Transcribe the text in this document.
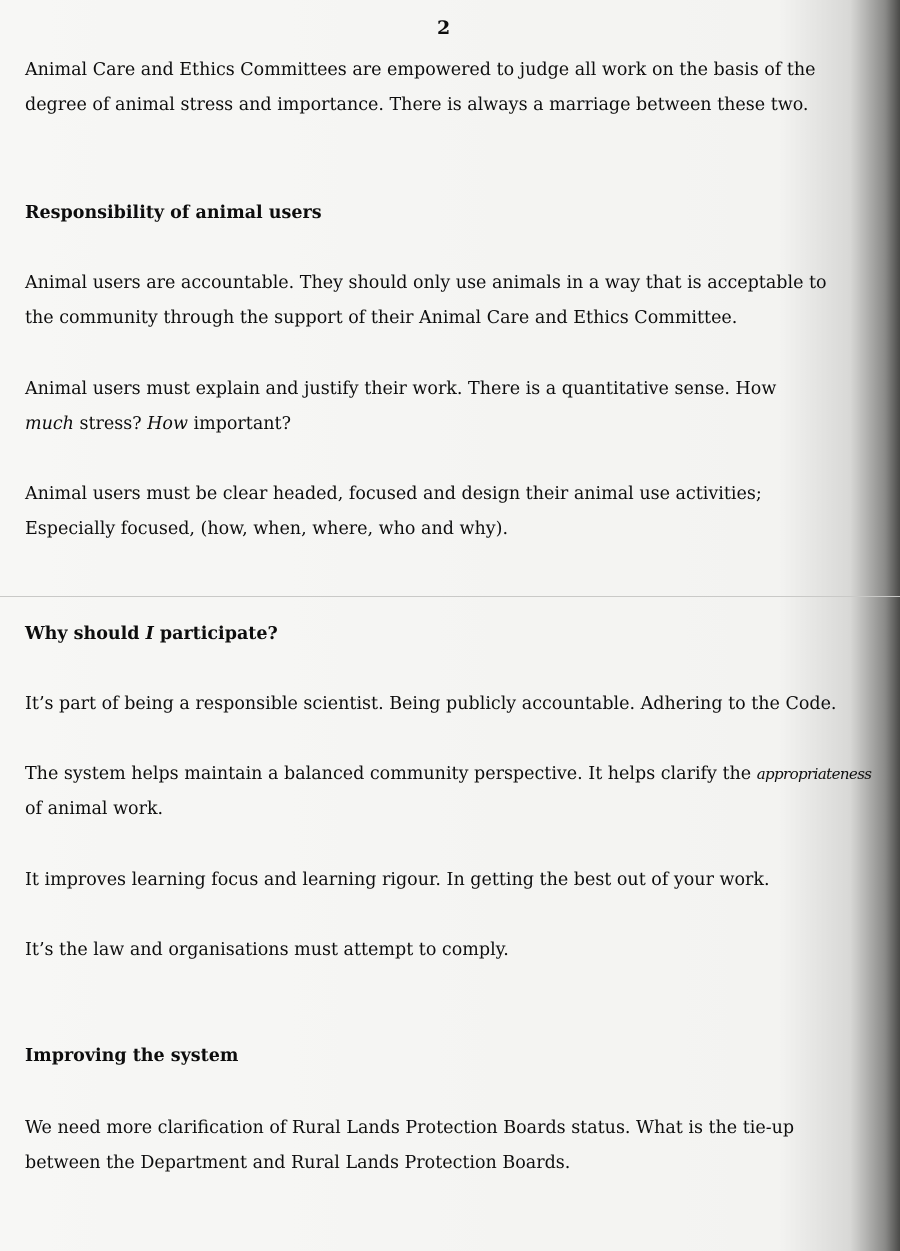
2
Animal Care and Ethics Committees are empowered to judge all work on the basis of the
degree of animal stress and importance. There is always a marriage between these two.
Responsibility of animal users
Animal users are accountable. They should only use animals in a way that is acceptable to
the community through the support of their Animal Care and Ethics Committee.
Animal users must explain and justify their work. There is a quantitative sense. How
much stress? How important?
Animal users must be clear headed, focused and design their animal use activities;
Especially focused, (how, when, where, who and why).
Why should I participate?
It’s part of being a responsible scientist. Being publicly accountable. Adhering to the Code.
The system helps maintain a balanced community perspective. It helps clarify the appropriateness
of animal work.
It improves learning focus and learning rigour. In getting the best out of your work.
It’s the law and organisations must attempt to comply.
Improving the system
We need more clarification of Rural Lands Protection Boards status. What is the tie-up
between the Department and Rural Lands Protection Boards.
